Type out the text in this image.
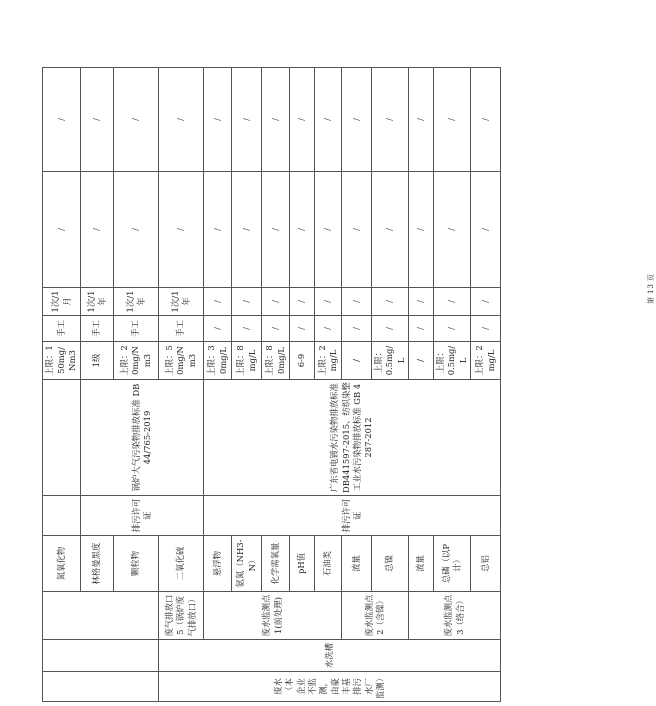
			氮氧化物			上限：150mg/Nm3	手工	1次/1月	/	/
			林格曼黑度	排污许可证	锅炉大气污染物排放标准 DB44/765-2019	1级	手工	1次/1年	/	/
			颗粒物			上限：20mg/Nm3	手工	1次/1年	/	/
废水（本企业不监测，由豪丰基排污水厂监测）	水洗槽	废气排放口5（锅炉废气排放口）	二氧化硫			上限：50mg/Nm3	手工	1次/1年	/	/
		废水监测点1(前处理)	悬浮物	排污许可证	广东省电镀水污染物排放标准 DB441597-2015、纺织染整工业水污染物排放标准 GB 4287-2012	上限：30mg/L	/	/	/	/
			氨氮（NH3-N）			上限：8mg/L	/	/	/	/
			化学需氧量			上限：80mg/L	/	/	/	/
			pH值			6-9	/	/	/	/
			石油类			上限：2mg/L	/	/	/	/
		废水监测点2（含镍）	流量			/	/	/	/	/
			总镍			上限：0.5mg/L	/	/	/	/
		废水监测点3（络合）	流量			/	/	/	/	/
			总磷（以P计）			上限：0.5mg/L	/	/	/	/
			总铝			上限：2mg/L	/	/	/	/
第13页
